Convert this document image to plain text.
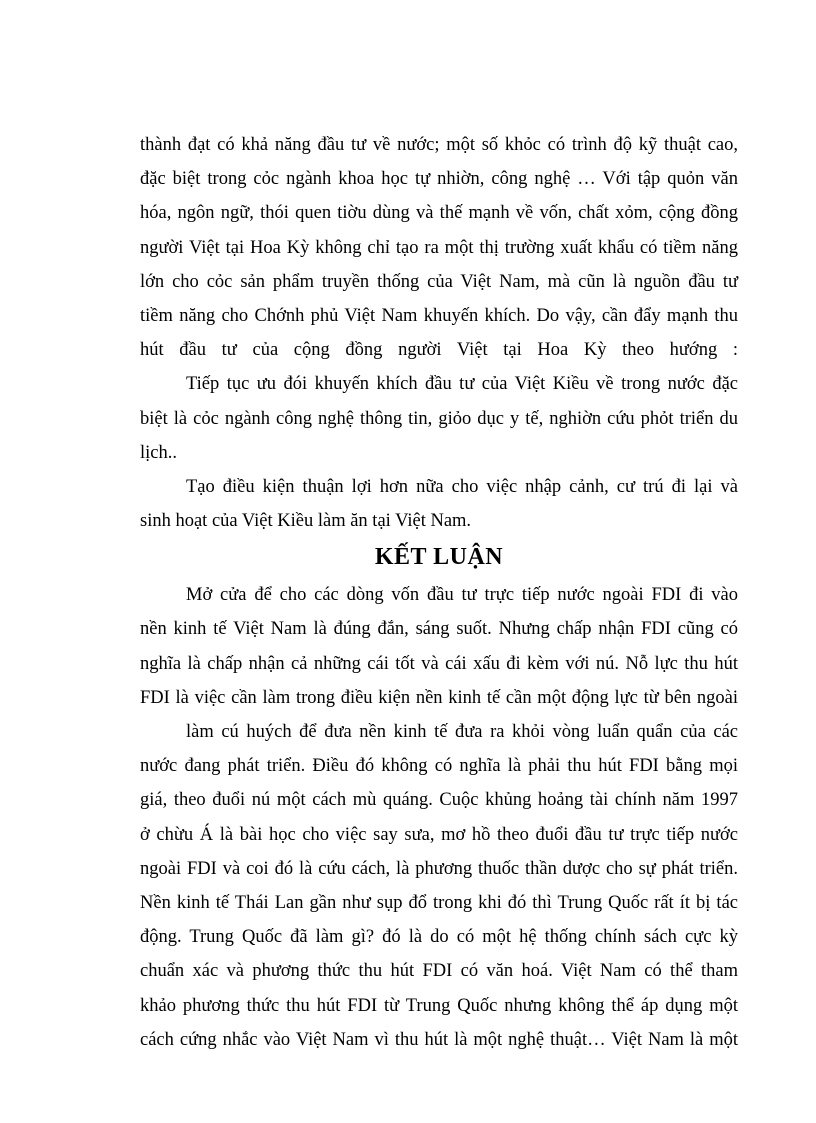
thành đạt có khả năng đầu tư về nước; một số khỏc có trình độ kỹ thuật cao,
đặc biệt trong cỏc ngành khoa học tự nhiờn, công nghệ … Với tập quỏn văn
hóa, ngôn ngữ, thói quen tiờu dùng và thế mạnh về vốn, chất xỏm, cộng đồng
người Việt tại Hoa Kỳ không chỉ tạo ra một thị trường xuất khẩu có tiềm năng
lớn cho cỏc sản phẩm truyền thống của Việt Nam, mà cũn là nguồn đầu tư
tiềm năng cho Chớnh phủ Việt Nam khuyến khích. Do vậy, cần đẩy mạnh thu
hút đầu tư của cộng đồng người Việt tại Hoa Kỳ theo hướng :
Tiếp tục ưu đói khuyến khích đầu tư của Việt Kiều về trong nước đặc
biệt là cỏc ngành công nghệ thông tin, giỏo dục y tế, nghiờn cứu phỏt triển du
lịch..
Tạo điều kiện thuận lợi hơn nữa cho việc nhập cảnh, cư trú đi lại và
sinh hoạt của Việt Kiều làm ăn tại Việt Nam.
KẾT LUẬN
Mở cửa để cho các dòng vốn đầu tư trực tiếp nước ngoài FDI đi vào
nền kinh tế Việt Nam là đúng đắn, sáng suốt. Nhưng chấp nhận FDI cũng có
nghĩa là chấp nhận cả những cái tốt và cái xấu đi kèm với nú. Nỗ lực thu hút
FDI là việc cần làm trong điều kiện nền kinh tế cần một động lực từ bên ngoài
làm cú huých để đưa nền kinh tế đưa ra khỏi vòng luẩn quẩn của các
nước đang phát triển. Điều đó không có nghĩa là phải thu hút FDI bằng mọi
giá, theo đuổi nú một cách mù quáng. Cuộc khủng hoảng tài chính năm 1997
ở chừu Á là bài học cho việc say sưa, mơ hồ theo đuổi đầu tư trực tiếp nước
ngoài FDI và coi đó là cứu cách, là phương thuốc thần dược cho sự phát triển.
Nền kinh tế Thái Lan gần như sụp đổ trong khi đó thì Trung Quốc rất ít bị tác
động. Trung Quốc đã làm gì? đó là do có một hệ thống chính sách cực kỳ
chuẩn xác và phương thức thu hút FDI có văn hoá. Việt Nam có thể tham
khảo phương thức thu hút FDI từ Trung Quốc nhưng không thể áp dụng một
cách cứng nhắc vào Việt Nam vì thu hút là một nghệ thuật… Việt Nam là một
